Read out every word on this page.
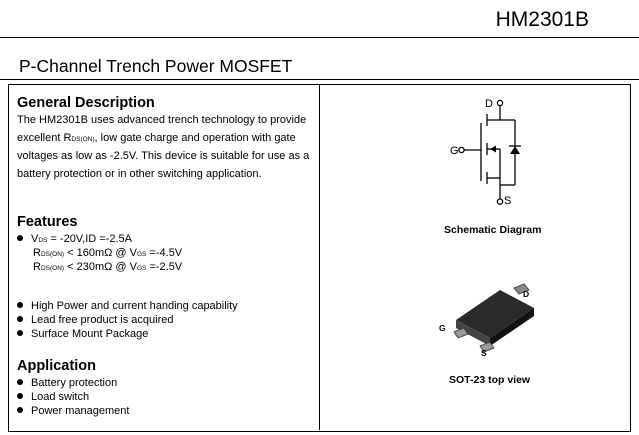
HM2301B
P-Channel Trench Power MOSFET
General Description
The HM2301B uses advanced trench technology to provide
excellent RDS(ON), low gate charge and operation with gate
voltages as low as -2.5V. This device is suitable for use as a
battery protection or in other switching application.
Features
VDS = -20V,ID =-2.5A
RDS(ON) < 160mΩ @ VGS =-4.5V
RDS(ON) < 230mΩ @ VGS =-2.5V
High Power and current handing capability
Lead free product is acquired
Surface Mount Package
Application
Battery protection
Load switch
Power management
D
G
S
Schematic Diagram
D
G
S
SOT-23 top view
